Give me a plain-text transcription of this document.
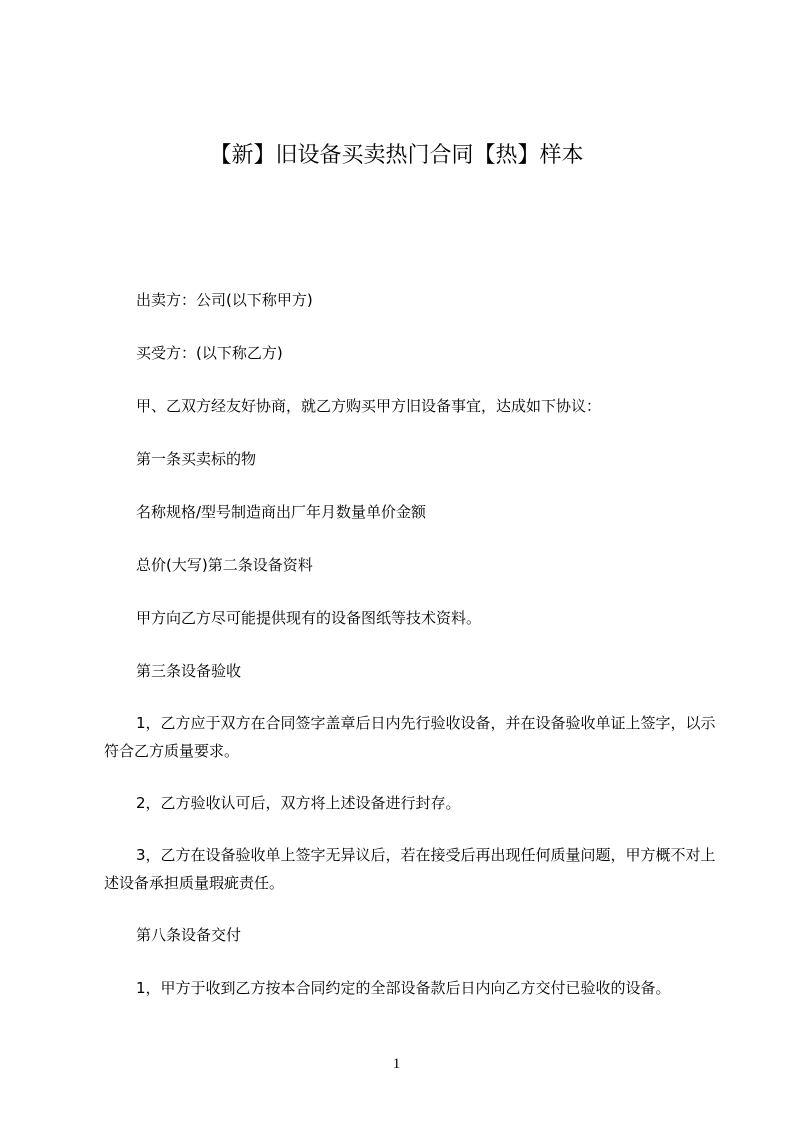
【新】旧设备买卖热门合同【热】样本

出卖方：公司(以下称甲方)

买受方：(以下称乙方)

甲、乙双方经友好协商，就乙方购买甲方旧设备事宜，达成如下协议：

第一条买卖标的物

名称规格/型号制造商出厂年月数量单价金额

总价(大写)第二条设备资料

甲方向乙方尽可能提供现有的设备图纸等技术资料。

第三条设备验收

1，乙方应于双方在合同签字盖章后日内先行验收设备，并在设备验收单证上签字，以示符合乙方质量要求。

2，乙方验收认可后，双方将上述设备进行封存。

3，乙方在设备验收单上签字无异议后，若在接受后再出现任何质量问题，甲方概不对上述设备承担质量瑕疵责任。

第八条设备交付

1，甲方于收到乙方按本合同约定的全部设备款后日内向乙方交付已验收的设备。

1
